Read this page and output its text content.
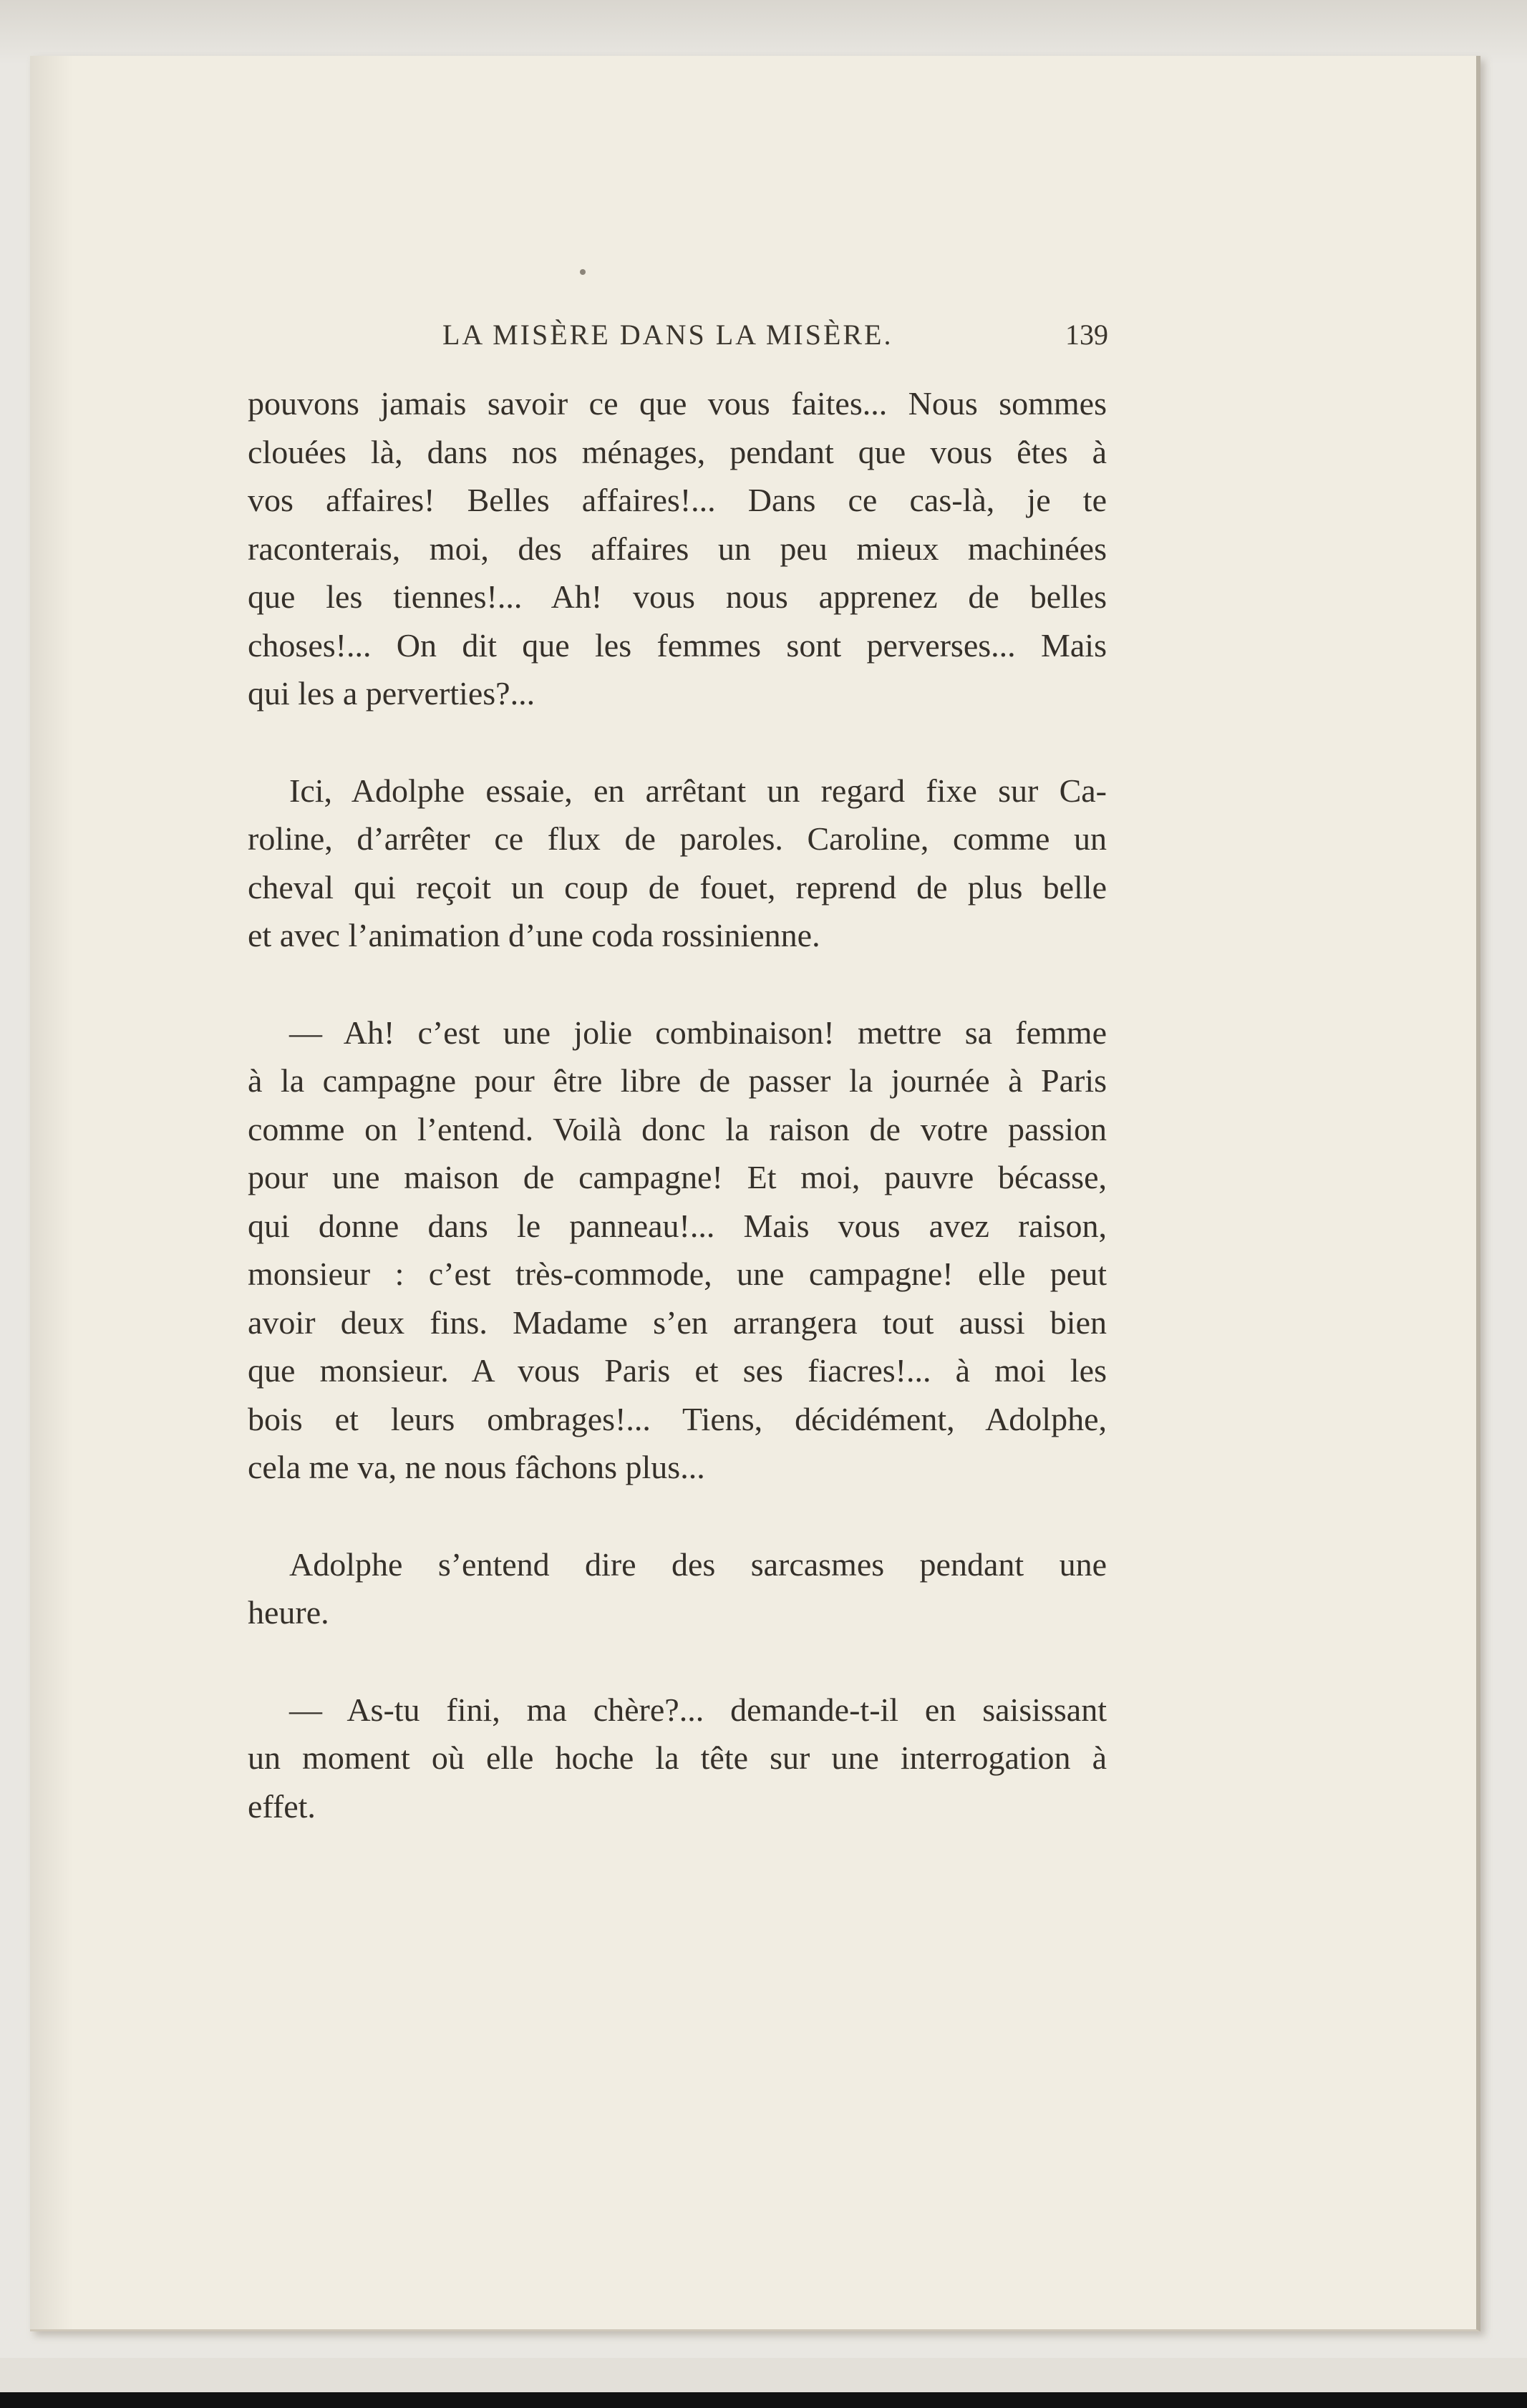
LA MISÈRE DANS LA MISÈRE.	139
pouvons jamais savoir ce que vous faites... Nous sommes
clouées là, dans nos ménages, pendant que vous êtes à
vos affaires! Belles affaires!... Dans ce cas-là, je te
raconterais, moi, des affaires un peu mieux machinées
que les tiennes!... Ah! vous nous apprenez de belles
choses!... On dit que les femmes sont perverses... Mais
qui les a perverties?...
Ici, Adolphe essaie, en arrêtant un regard fixe sur Ca-
roline, d’arrêter ce flux de paroles. Caroline, comme un
cheval qui reçoit un coup de fouet, reprend de plus belle
et avec l’animation d’une coda rossinienne.
— Ah! c’est une jolie combinaison! mettre sa femme
à la campagne pour être libre de passer la journée à Paris
comme on l’entend. Voilà donc la raison de votre passion
pour une maison de campagne! Et moi, pauvre bécasse,
qui donne dans le panneau!... Mais vous avez raison,
monsieur : c’est très-commode, une campagne! elle peut
avoir deux fins. Madame s’en arrangera tout aussi bien
que monsieur. A vous Paris et ses fiacres!... à moi les
bois et leurs ombrages!... Tiens, décidément, Adolphe,
cela me va, ne nous fâchons plus...
Adolphe s’entend dire des sarcasmes pendant une
heure.
— As-tu fini, ma chère?... demande-t-il en saisissant
un moment où elle hoche la tête sur une interrogation à
effet.
